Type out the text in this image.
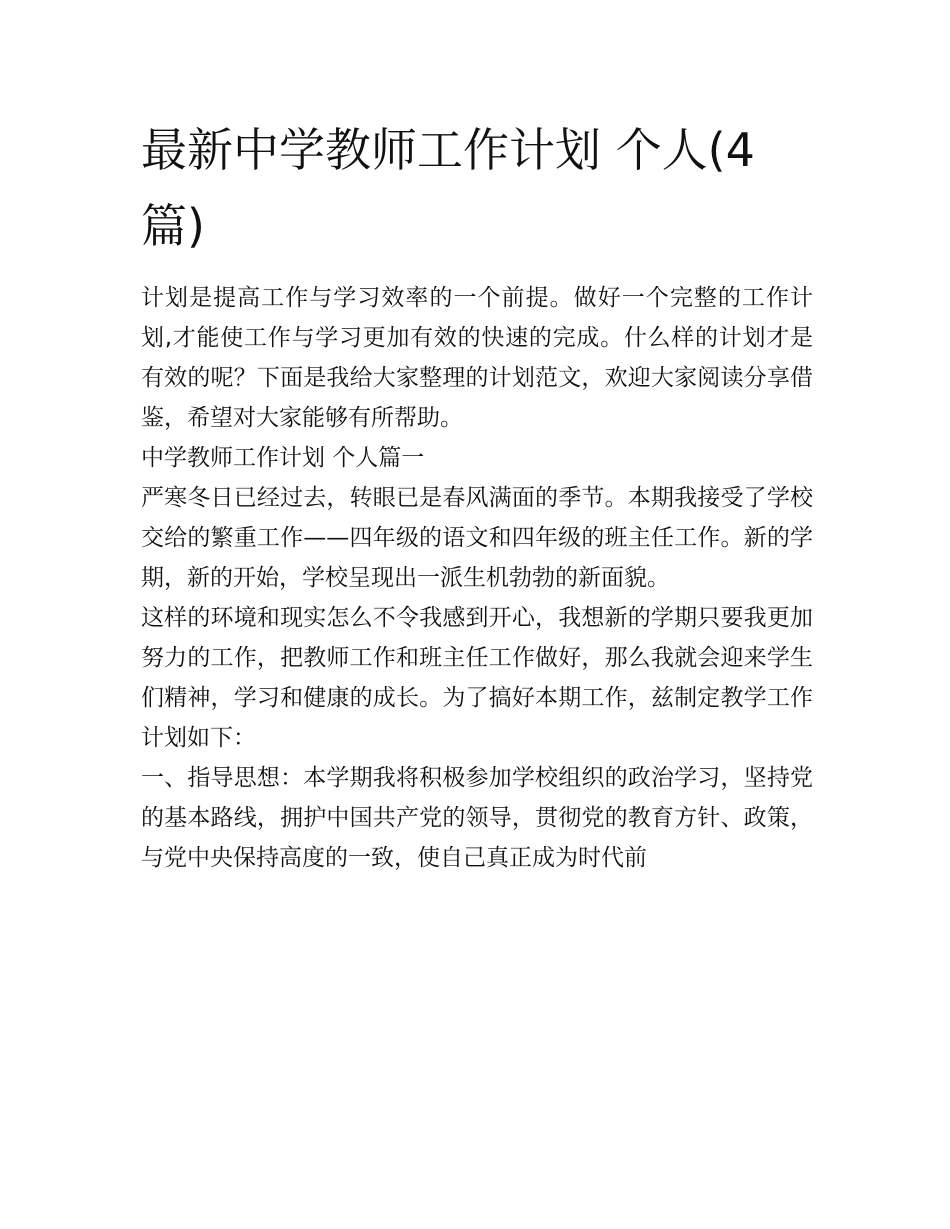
最新中学教师工作计划 个人(4篇)

计划是提高工作与学习效率的一个前提。做好一个完整的工作计划,才能使工作与学习更加有效的快速的完成。什么样的计划才是有效的呢？下面是我给大家整理的计划范文，欢迎大家阅读分享借鉴，希望对大家能够有所帮助。

中学教师工作计划 个人篇一

严寒冬日已经过去，转眼已是春风满面的季节。本期我接受了学校交给的繁重工作——四年级的语文和四年级的班主任工作。新的学期，新的开始，学校呈现出一派生机勃勃的新面貌。

这样的环境和现实怎么不令我感到开心，我想新的学期只要我更加努力的工作，把教师工作和班主任工作做好，那么我就会迎来学生们精神，学习和健康的成长。为了搞好本期工作，兹制定教学工作计划如下：

一、指导思想：本学期我将积极参加学校组织的政治学习，坚持党的基本路线，拥护中国共产党的领导，贯彻党的教育方针、政策，与党中央保持高度的一致，使自己真正成为时代前
